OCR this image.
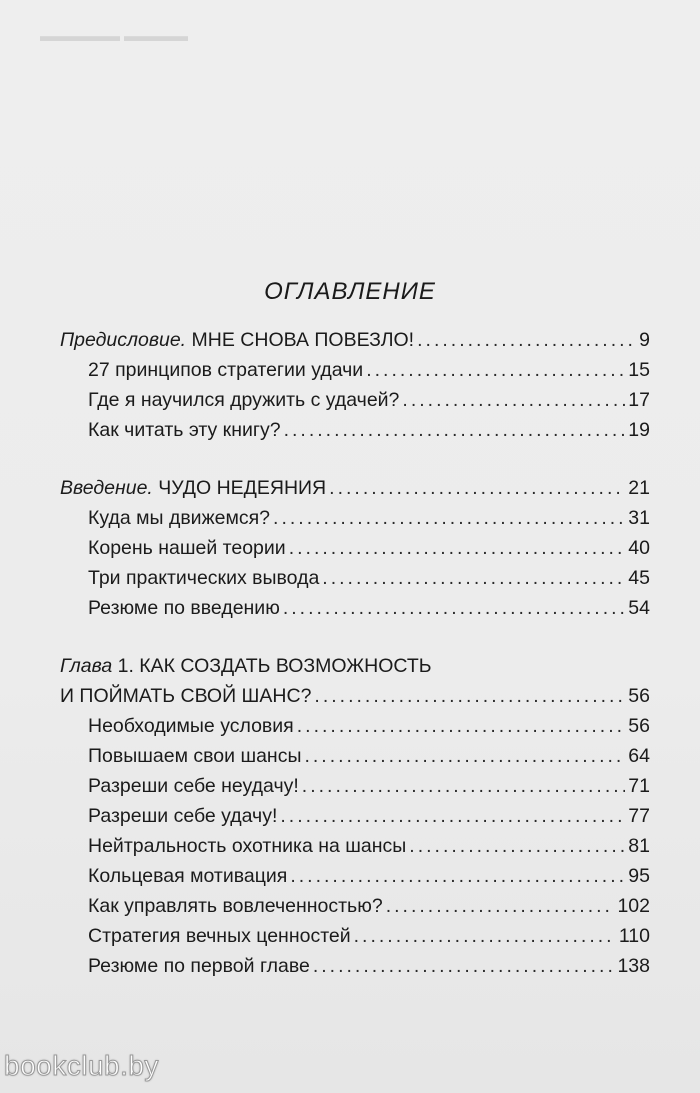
▬▬▬▬ ▬▬▬▬▬
ОГЛАВЛЕНИЕ
Предисловие. МНЕ СНОВА ПОВЕЗЛО! .....	9
27 принципов стратегии удачи .....	15
Где я научился дружить с удачей? .....	17
Как читать эту книгу? .....	19
Введение. ЧУДО НЕДЕЯНИЯ .....	21
Куда мы движемся? .....	31
Корень нашей теории .....	40
Три практических вывода .....	45
Резюме по введению .....	54
Глава 1. КАК СОЗДАТЬ ВОЗМОЖНОСТЬ
И ПОЙМАТЬ СВОЙ ШАНС? .....	56
Необходимые условия .....	56
Повышаем свои шансы .....	64
Разреши себе неудачу! .....	71
Разреши себе удачу! .....	77
Нейтральность охотника на шансы .....	81
Кольцевая мотивация .....	95
Как управлять вовлеченностью? .....	102
Стратегия вечных ценностей .....	110
Резюме по первой главе .....	138
bookclub.by
